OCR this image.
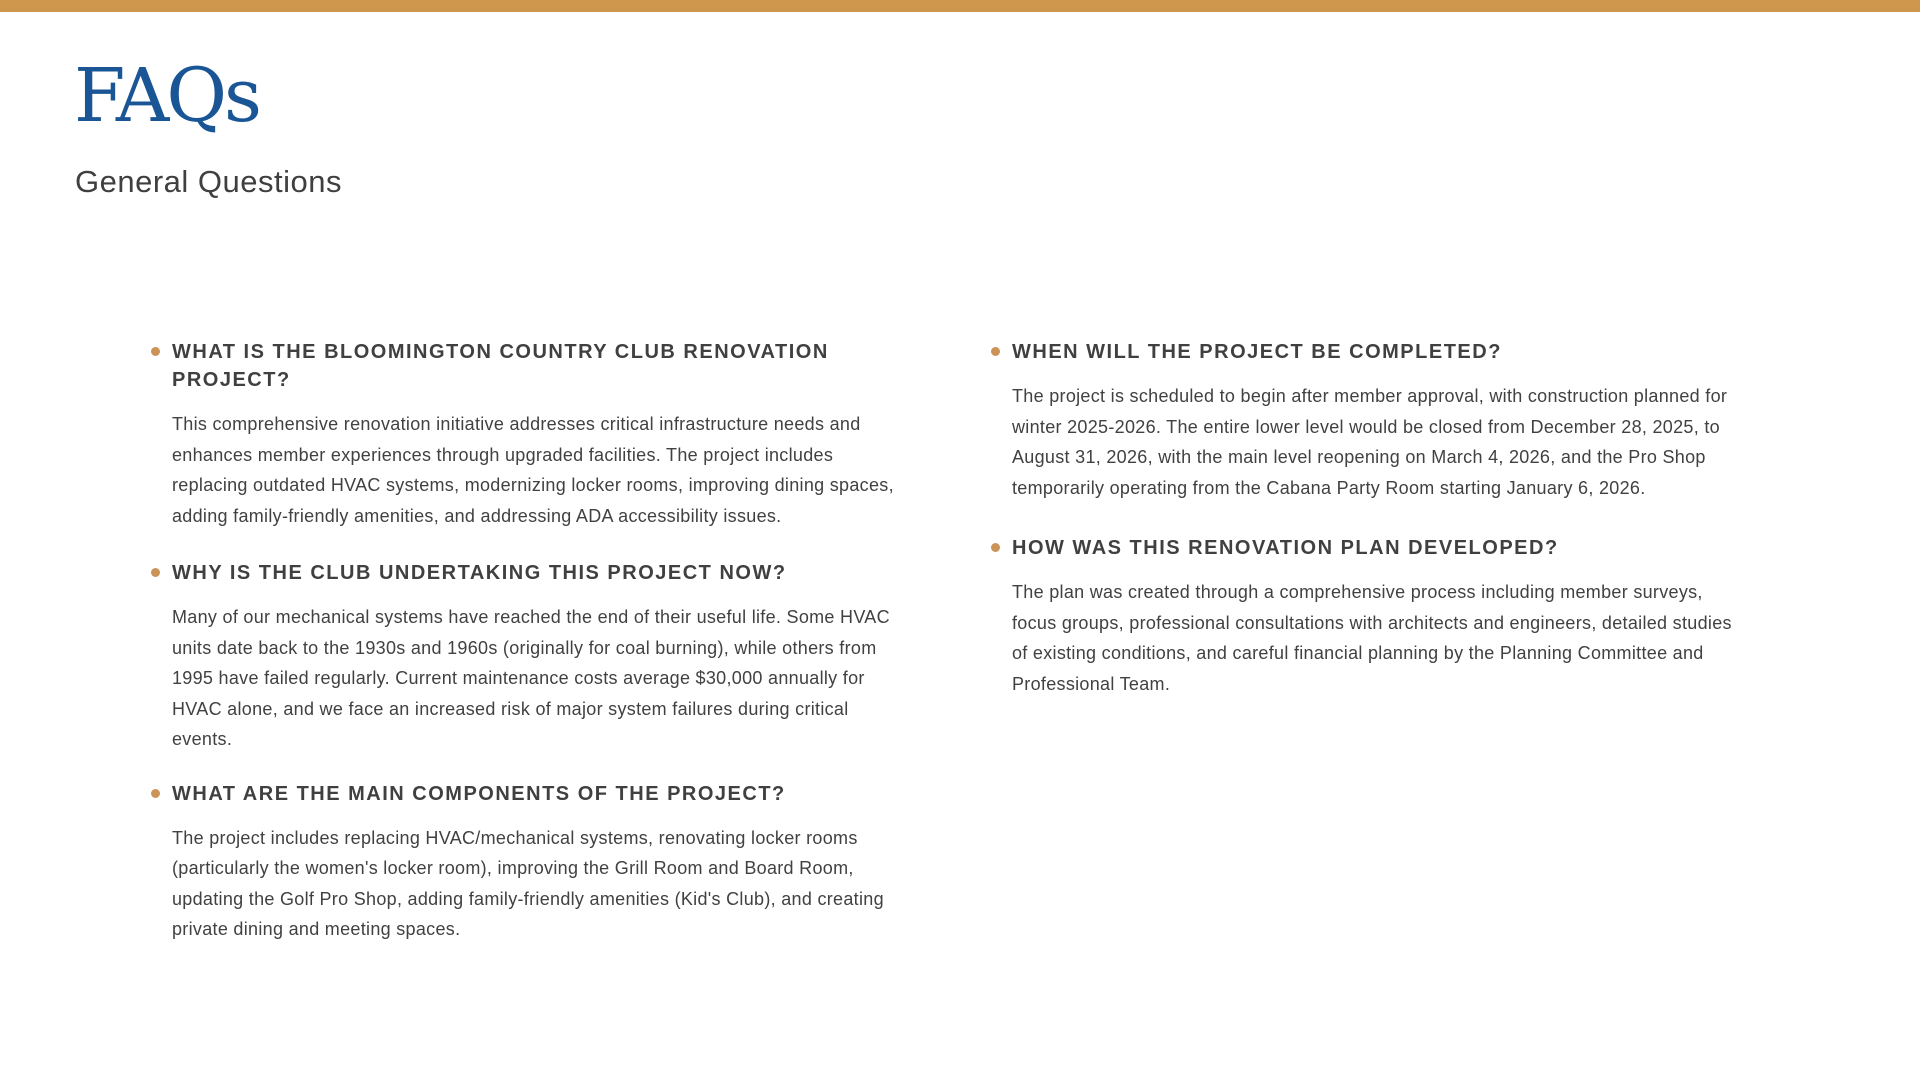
FAQs
General Questions
WHAT IS THE BLOOMINGTON COUNTRY CLUB RENOVATION PROJECT?

This comprehensive renovation initiative addresses critical infrastructure needs and enhances member experiences through upgraded facilities. The project includes replacing outdated HVAC systems, modernizing locker rooms, improving dining spaces, adding family-friendly amenities, and addressing ADA accessibility issues.

WHY IS THE CLUB UNDERTAKING THIS PROJECT NOW?

Many of our mechanical systems have reached the end of their useful life. Some HVAC units date back to the 1930s and 1960s (originally for coal burning), while others from 1995 have failed regularly. Current maintenance costs average $30,000 annually for HVAC alone, and we face an increased risk of major system failures during critical events.

WHAT ARE THE MAIN COMPONENTS OF THE PROJECT?

The project includes replacing HVAC/mechanical systems, renovating locker rooms (particularly the women's locker room), improving the Grill Room and Board Room, updating the Golf Pro Shop, adding family-friendly amenities (Kid's Club), and creating private dining and meeting spaces.

WHEN WILL THE PROJECT BE COMPLETED?

The project is scheduled to begin after member approval, with construction planned for winter 2025-2026. The entire lower level would be closed from December 28, 2025, to August 31, 2026, with the main level reopening on March 4, 2026, and the Pro Shop temporarily operating from the Cabana Party Room starting January 6, 2026.

HOW WAS THIS RENOVATION PLAN DEVELOPED?

The plan was created through a comprehensive process including member surveys, focus groups, professional consultations with architects and engineers, detailed studies of existing conditions, and careful financial planning by the Planning Committee and Professional Team.
